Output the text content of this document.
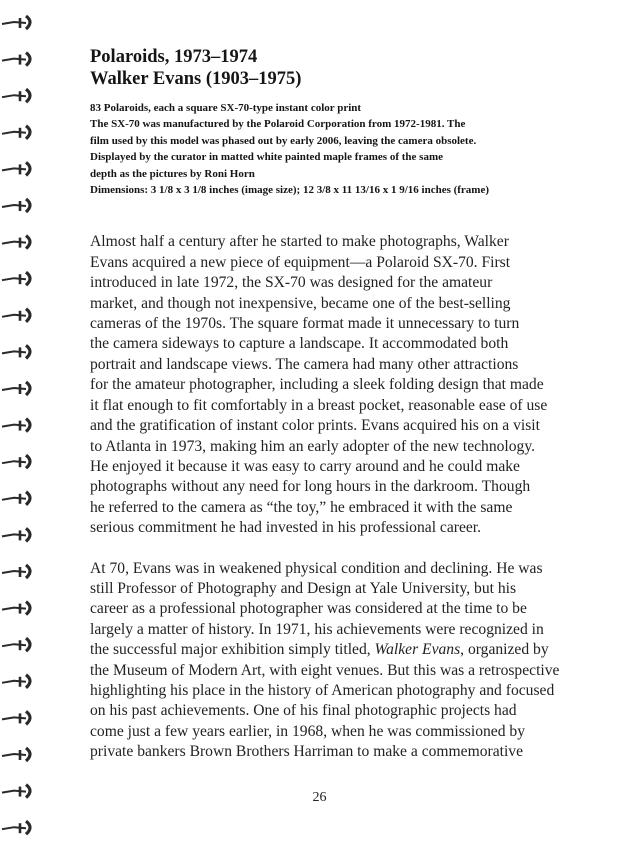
Polaroids, 1973–1974
Walker Evans (1903–1975)
83 Polaroids, each a square SX-70-type instant color print
The SX-70 was manufactured by the Polaroid Corporation from 1972-1981. The
film used by this model was phased out by early 2006, leaving the camera obsolete.
Displayed by the curator in matted white painted maple frames of the same
depth as the pictures by Roni Horn
Dimensions: 3 1/8 x 3 1/8 inches (image size); 12 3/8 x 11 13/16 x 1 9/16 inches (frame)

Almost half a century after he started to make photographs, Walker
Evans acquired a new piece of equipment—a Polaroid SX-70. First
introduced in late 1972, the SX-70 was designed for the amateur
market, and though not inexpensive, became one of the best-selling
cameras of the 1970s. The square format made it unnecessary to turn
the camera sideways to capture a landscape. It accommodated both
portrait and landscape views. The camera had many other attractions
for the amateur photographer, including a sleek folding design that made
it flat enough to fit comfortably in a breast pocket, reasonable ease of use
and the gratification of instant color prints. Evans acquired his on a visit
to Atlanta in 1973, making him an early adopter of the new technology.
He enjoyed it because it was easy to carry around and he could make
photographs without any need for long hours in the darkroom. Though
he referred to the camera as “the toy,” he embraced it with the same
serious commitment he had invested in his professional career.

At 70, Evans was in weakened physical condition and declining. He was
still Professor of Photography and Design at Yale University, but his
career as a professional photographer was considered at the time to be
largely a matter of history. In 1971, his achievements were recognized in
the successful major exhibition simply titled, Walker Evans, organized by
the Museum of Modern Art, with eight venues. But this was a retrospective
highlighting his place in the history of American photography and focused
on his past achievements. One of his final photographic projects had
come just a few years earlier, in 1968, when he was commissioned by
private bankers Brown Brothers Harriman to make a commemorative

26
